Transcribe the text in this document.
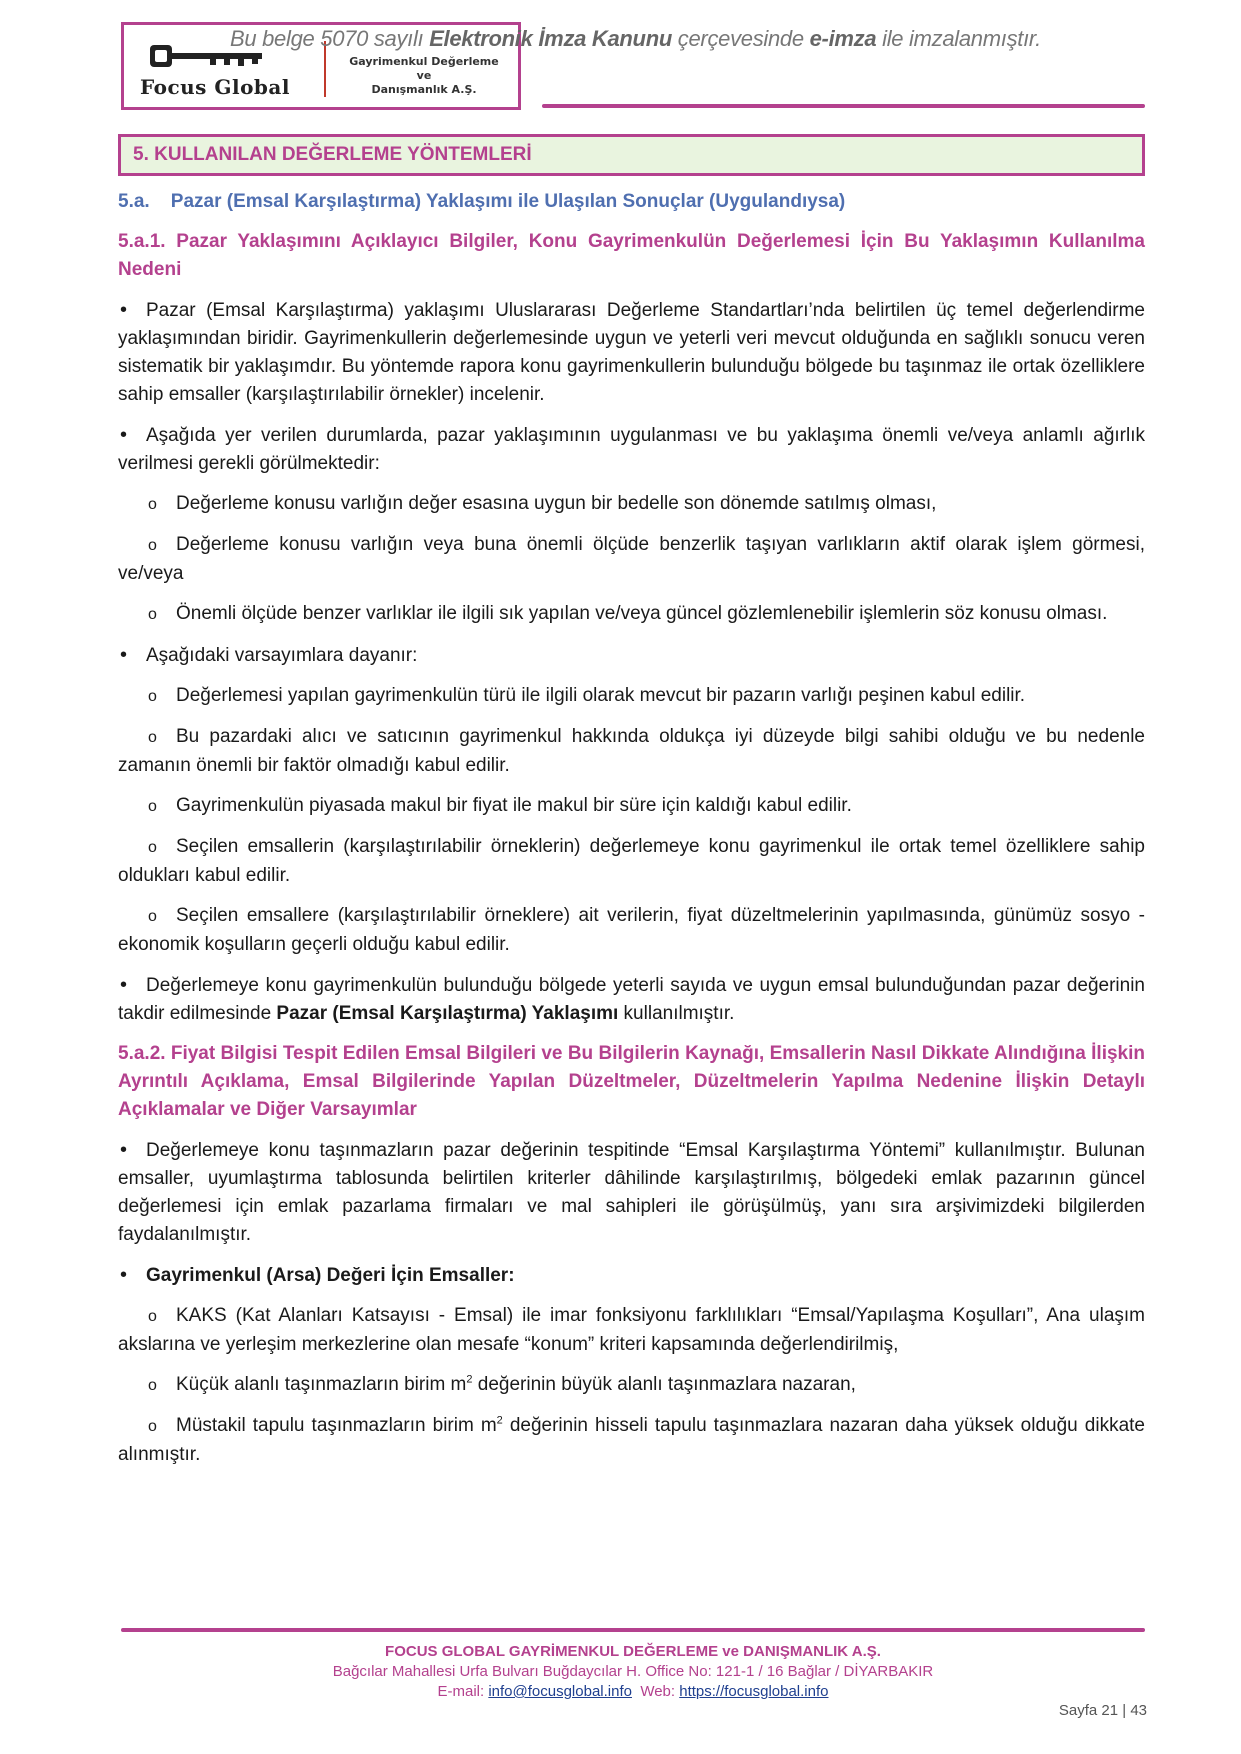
Focus Global
Gayrimenkul Değerleme
ve
Danışmanlık A.Ş.
Bu belge 5070 sayılı Elektronik İmza Kanunu çerçevesinde e-imza ile imzalanmıştır.
5. KULLANILAN DEĞERLEME YÖNTEMLERİ
5.a.    Pazar (Emsal Karşılaştırma) Yaklaşımı ile Ulaşılan Sonuçlar (Uygulandıysa)
5.a.1. Pazar Yaklaşımını Açıklayıcı Bilgiler, Konu Gayrimenkulün Değerlemesi İçin Bu Yaklaşımın Kullanılma Nedeni
•Pazar (Emsal Karşılaştırma) yaklaşımı Uluslararası Değerleme Standartları’nda belirtilen üç temel değerlendirme yaklaşımından biridir. Gayrimenkullerin değerlemesinde uygun ve yeterli veri mevcut olduğunda en sağlıklı sonucu veren sistematik bir yaklaşımdır. Bu yöntemde rapora konu gayrimenkullerin bulunduğu bölgede bu taşınmaz ile ortak özelliklere sahip emsaller (karşılaştırılabilir örnekler) incelenir.
•Aşağıda yer verilen durumlarda, pazar yaklaşımının uygulanması ve bu yaklaşıma önemli ve/veya anlamlı ağırlık verilmesi gerekli görülmektedir:
oDeğerleme konusu varlığın değer esasına uygun bir bedelle son dönemde satılmış olması,
oDeğerleme konusu varlığın veya buna önemli ölçüde benzerlik taşıyan varlıkların aktif olarak işlem görmesi, ve/veya
oÖnemli ölçüde benzer varlıklar ile ilgili sık yapılan ve/veya güncel gözlemlenebilir işlemlerin söz konusu olması.
•Aşağıdaki varsayımlara dayanır:
oDeğerlemesi yapılan gayrimenkulün türü ile ilgili olarak mevcut bir pazarın varlığı peşinen kabul edilir.
oBu pazardaki alıcı ve satıcının gayrimenkul hakkında oldukça iyi düzeyde bilgi sahibi olduğu ve bu nedenle zamanın önemli bir faktör olmadığı kabul edilir.
oGayrimenkulün piyasada makul bir fiyat ile makul bir süre için kaldığı kabul edilir.
oSeçilen emsallerin (karşılaştırılabilir örneklerin) değerlemeye konu gayrimenkul ile ortak temel özelliklere sahip oldukları kabul edilir.
oSeçilen emsallere (karşılaştırılabilir örneklere) ait verilerin, fiyat düzeltmelerinin yapılmasında, günümüz sosyo - ekonomik koşulların geçerli olduğu kabul edilir.
•Değerlemeye konu gayrimenkulün bulunduğu bölgede yeterli sayıda ve uygun emsal bulunduğundan pazar değerinin takdir edilmesinde Pazar (Emsal Karşılaştırma) Yaklaşımı kullanılmıştır.
5.a.2. Fiyat Bilgisi Tespit Edilen Emsal Bilgileri ve Bu Bilgilerin Kaynağı, Emsallerin Nasıl Dikkate Alındığına İlişkin Ayrıntılı Açıklama, Emsal Bilgilerinde Yapılan Düzeltmeler, Düzeltmelerin Yapılma Nedenine İlişkin Detaylı Açıklamalar ve Diğer Varsayımlar
•Değerlemeye konu taşınmazların pazar değerinin tespitinde “Emsal Karşılaştırma Yöntemi” kullanılmıştır. Bulunan emsaller, uyumlaştırma tablosunda belirtilen kriterler dâhilinde karşılaştırılmış, bölgedeki emlak pazarının güncel değerlemesi için emlak pazarlama firmaları ve mal sahipleri ile görüşülmüş, yanı sıra arşivimizdeki bilgilerden faydalanılmıştır.
•Gayrimenkul (Arsa) Değeri İçin Emsaller:
oKAKS (Kat Alanları Katsayısı - Emsal) ile imar fonksiyonu farklılıkları “Emsal/Yapılaşma Koşulları”, Ana ulaşım akslarına ve yerleşim merkezlerine olan mesafe “konum” kriteri kapsamında değerlendirilmiş,
oKüçük alanlı taşınmazların birim $m^2$ değerinin büyük alanlı taşınmazlara nazaran,
oMüstakil tapulu taşınmazların birim $m^2$ değerinin hisseli tapulu taşınmazlara nazaran daha yüksek olduğu dikkate alınmıştır.
FOCUS GLOBAL GAYRİMENKUL DEĞERLEME ve DANIŞMANLIK A.Ş.
Bağcılar Mahallesi Urfa Bulvarı Buğdaycılar H. Office No: 121-1 / 16 Bağlar / DİYARBAKIR
E-mail: info@focusglobal.info  Web: https://focusglobal.info
Sayfa 21 | 43
